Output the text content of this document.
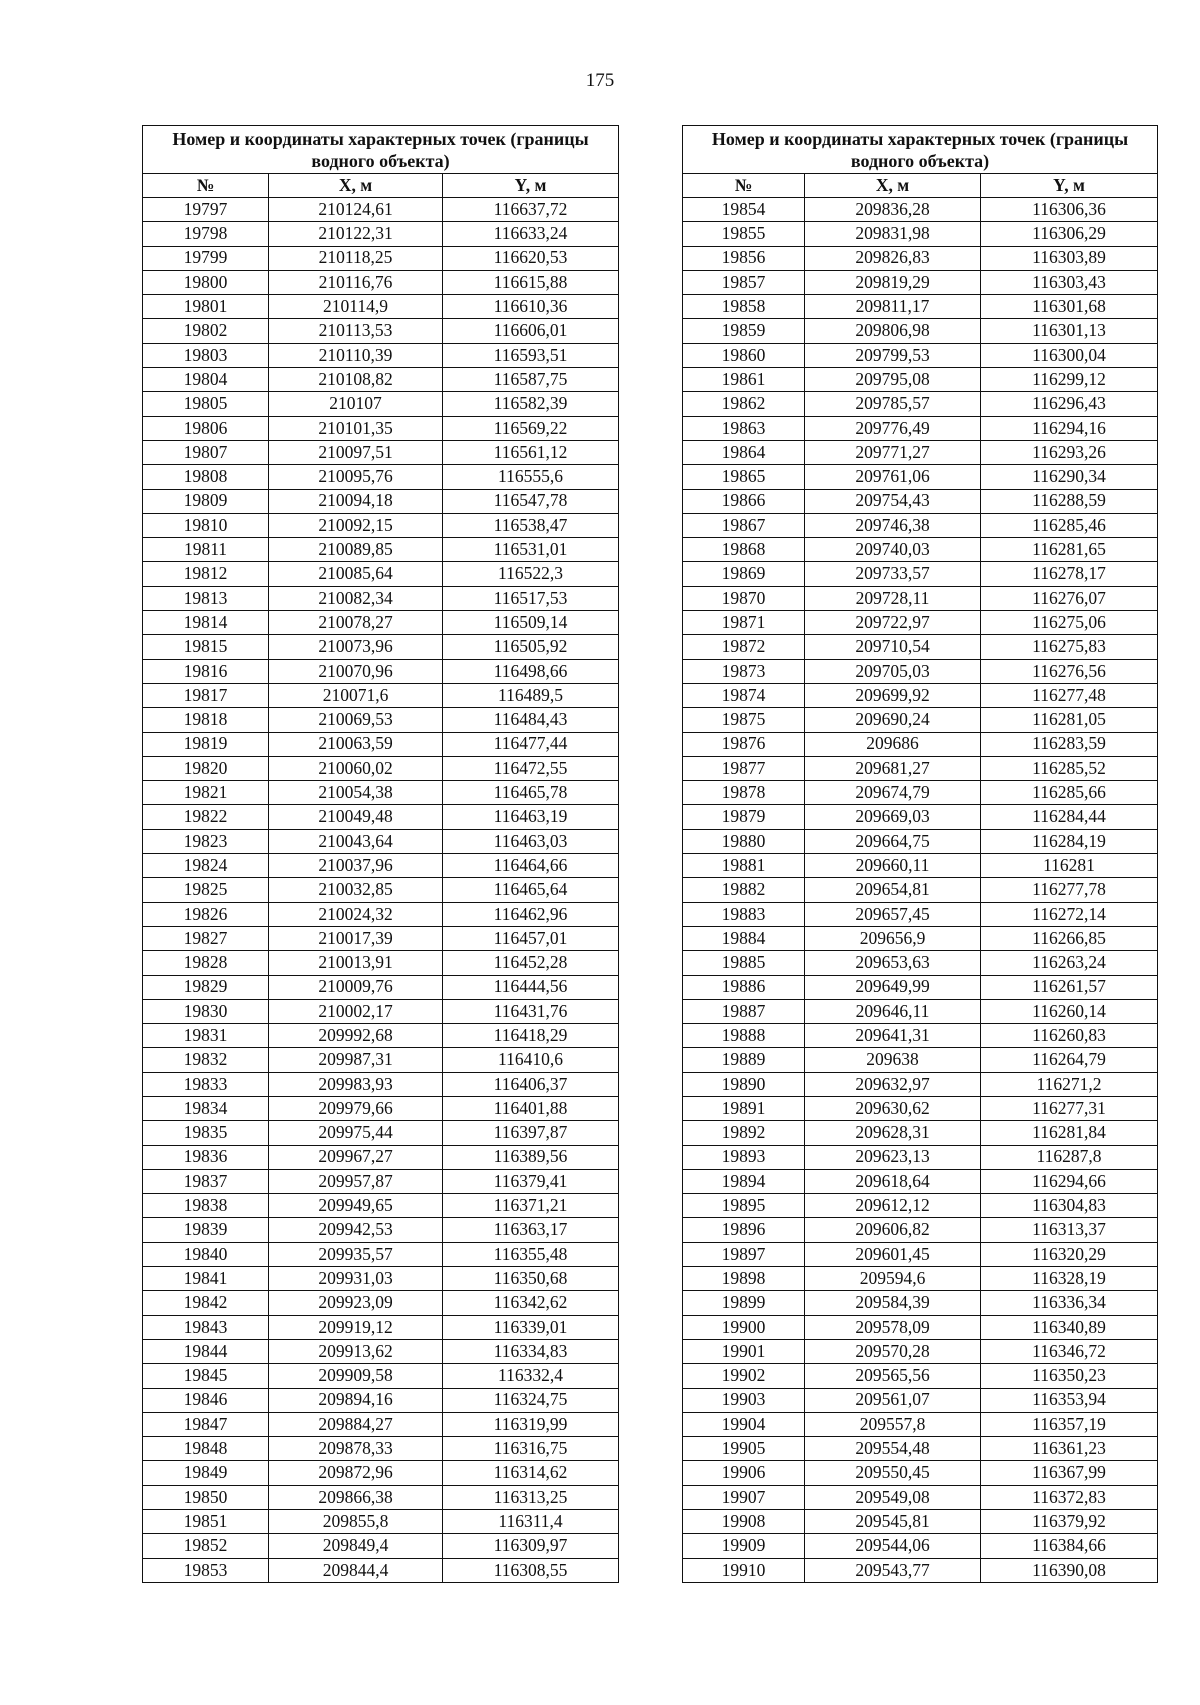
175
Номер и координаты характерных точек (границы водного объекта)		
№	X, м	Y, м
19797	210124,61	116637,72
19798	210122,31	116633,24
19799	210118,25	116620,53
19800	210116,76	116615,88
19801	210114,9	116610,36
19802	210113,53	116606,01
19803	210110,39	116593,51
19804	210108,82	116587,75
19805	210107	116582,39
19806	210101,35	116569,22
19807	210097,51	116561,12
19808	210095,76	116555,6
19809	210094,18	116547,78
19810	210092,15	116538,47
19811	210089,85	116531,01
19812	210085,64	116522,3
19813	210082,34	116517,53
19814	210078,27	116509,14
19815	210073,96	116505,92
19816	210070,96	116498,66
19817	210071,6	116489,5
19818	210069,53	116484,43
19819	210063,59	116477,44
19820	210060,02	116472,55
19821	210054,38	116465,78
19822	210049,48	116463,19
19823	210043,64	116463,03
19824	210037,96	116464,66
19825	210032,85	116465,64
19826	210024,32	116462,96
19827	210017,39	116457,01
19828	210013,91	116452,28
19829	210009,76	116444,56
19830	210002,17	116431,76
19831	209992,68	116418,29
19832	209987,31	116410,6
19833	209983,93	116406,37
19834	209979,66	116401,88
19835	209975,44	116397,87
19836	209967,27	116389,56
19837	209957,87	116379,41
19838	209949,65	116371,21
19839	209942,53	116363,17
19840	209935,57	116355,48
19841	209931,03	116350,68
19842	209923,09	116342,62
19843	209919,12	116339,01
19844	209913,62	116334,83
19845	209909,58	116332,4
19846	209894,16	116324,75
19847	209884,27	116319,99
19848	209878,33	116316,75
19849	209872,96	116314,62
19850	209866,38	116313,25
19851	209855,8	116311,4
19852	209849,4	116309,97
19853	209844,4	116308,55
Номер и координаты характерных точек (границы водного объекта)		
№	X, м	Y, м
19854	209836,28	116306,36
19855	209831,98	116306,29
19856	209826,83	116303,89
19857	209819,29	116303,43
19858	209811,17	116301,68
19859	209806,98	116301,13
19860	209799,53	116300,04
19861	209795,08	116299,12
19862	209785,57	116296,43
19863	209776,49	116294,16
19864	209771,27	116293,26
19865	209761,06	116290,34
19866	209754,43	116288,59
19867	209746,38	116285,46
19868	209740,03	116281,65
19869	209733,57	116278,17
19870	209728,11	116276,07
19871	209722,97	116275,06
19872	209710,54	116275,83
19873	209705,03	116276,56
19874	209699,92	116277,48
19875	209690,24	116281,05
19876	209686	116283,59
19877	209681,27	116285,52
19878	209674,79	116285,66
19879	209669,03	116284,44
19880	209664,75	116284,19
19881	209660,11	116281
19882	209654,81	116277,78
19883	209657,45	116272,14
19884	209656,9	116266,85
19885	209653,63	116263,24
19886	209649,99	116261,57
19887	209646,11	116260,14
19888	209641,31	116260,83
19889	209638	116264,79
19890	209632,97	116271,2
19891	209630,62	116277,31
19892	209628,31	116281,84
19893	209623,13	116287,8
19894	209618,64	116294,66
19895	209612,12	116304,83
19896	209606,82	116313,37
19897	209601,45	116320,29
19898	209594,6	116328,19
19899	209584,39	116336,34
19900	209578,09	116340,89
19901	209570,28	116346,72
19902	209565,56	116350,23
19903	209561,07	116353,94
19904	209557,8	116357,19
19905	209554,48	116361,23
19906	209550,45	116367,99
19907	209549,08	116372,83
19908	209545,81	116379,92
19909	209544,06	116384,66
19910	209543,77	116390,08
